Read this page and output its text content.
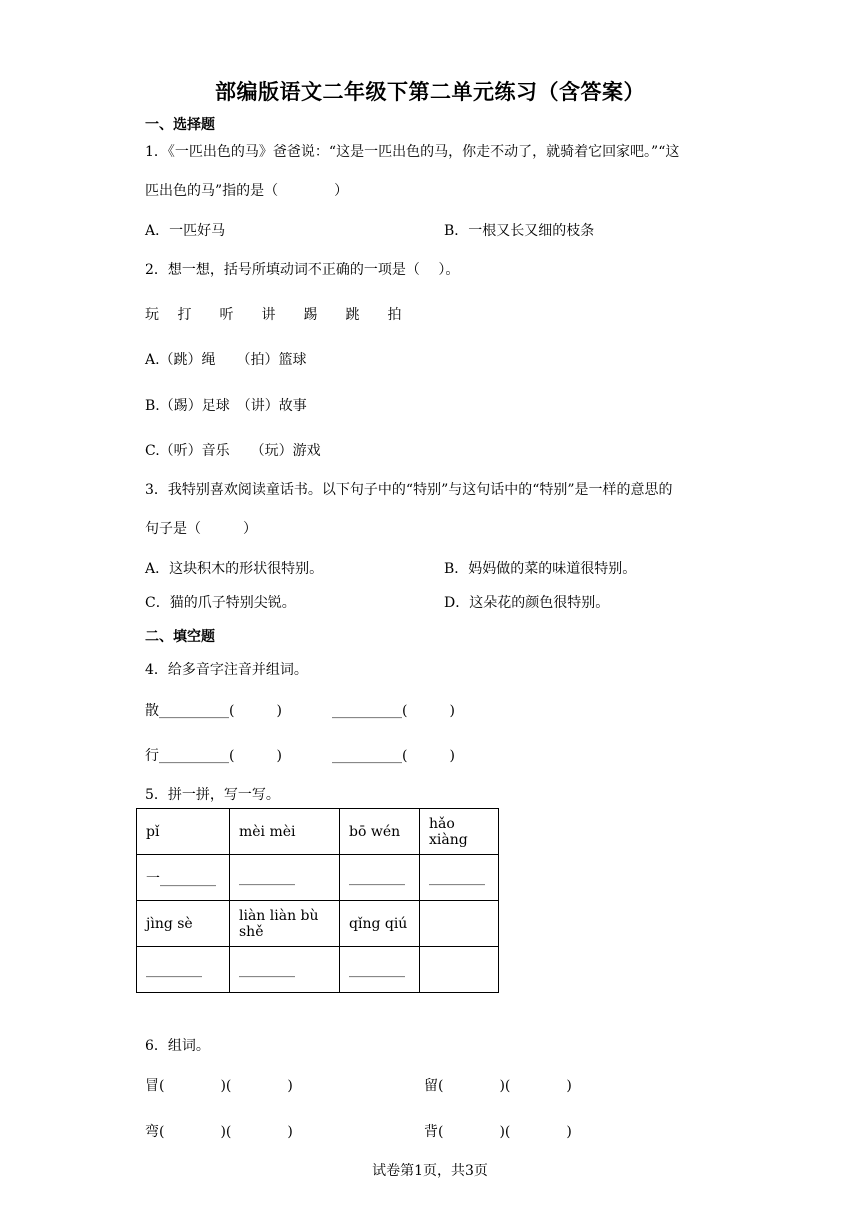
部编版语文二年级下第二单元练习（含答案）
一、选择题
1．《一匹出色的马》爸爸说：“这是一匹出色的马，你走不动了，就骑着它回家吧。”“这
匹出色的马”指的是（　　　　）
A．一匹好马	B．一根又长又细的枝条
2．想一想，括号所填动词不正确的一项是（　 ）。
玩　 打　　听　　讲　　踢　　跳　　拍
A.（跳）绳　　（拍）篮球
B.（踢）足球　（讲）故事
C.（听）音乐　　（玩）游戏
3．我特别喜欢阅读童话书。以下句子中的“特别”与这句话中的“特别”是一样的意思的
句子是（　　　）
A．这块积木的形状很特别。	B．妈妈做的菜的味道很特别。
C．猫的爪子特别尖锐。	D．这朵花的颜色很特别。
二、填空题
4．给多音字注音并组词。
散__________(　　　)	__________(　　　)
行__________(　　　)	__________(　　　)
5．拼一拼，写一写。
pǐ	mèi mèi	bō wén	hǎo xiàng
一________	________	________	________
jìng sè	liàn liàn bù shě	qǐng qiú	
________	________	________	
6．组词。
冒(　　　　)(　　　　)	留(　　　　)(　　　　)
弯(　　　　)(　　　　)	背(　　　　)(　　　　)
试卷第1页，共3页
